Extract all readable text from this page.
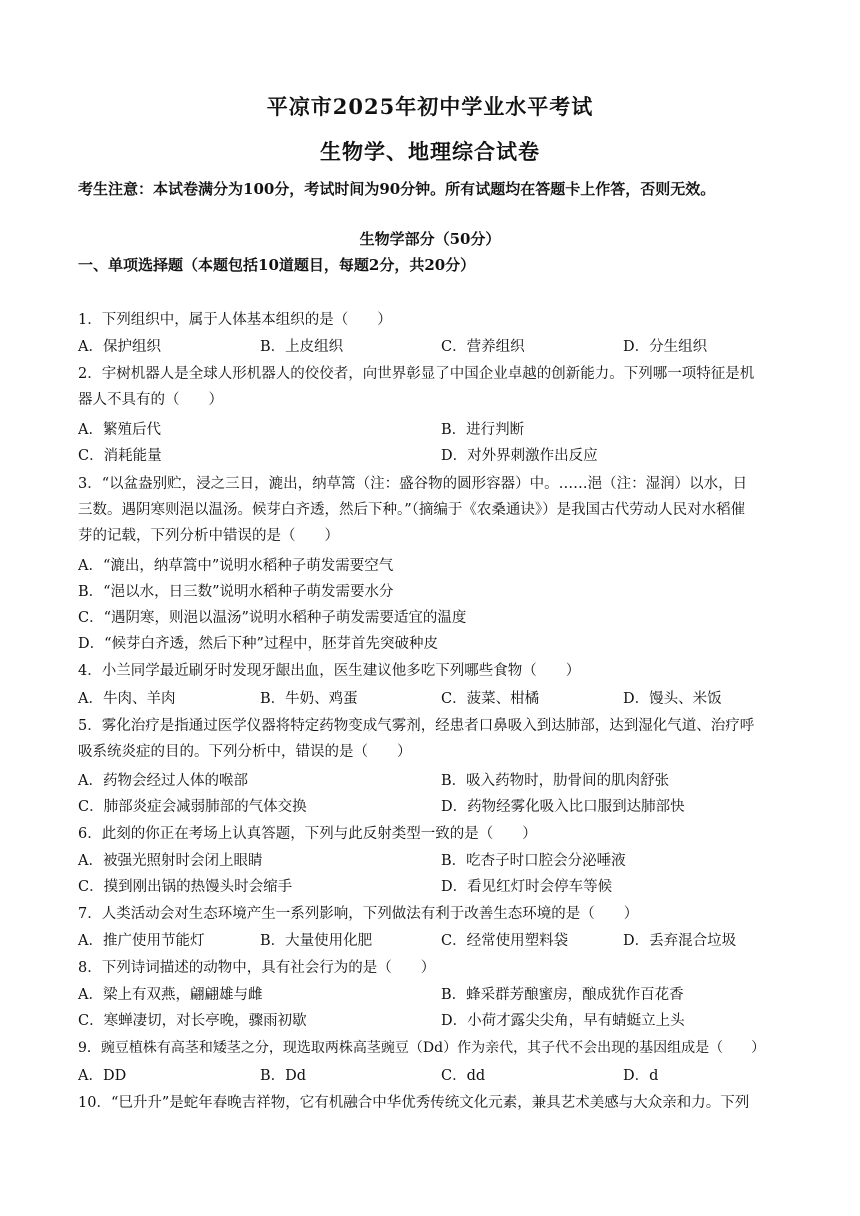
平凉市2025年初中学业水平考试
生物学、地理综合试卷
考生注意：本试卷满分为100分，考试时间为90分钟。所有试题均在答题卡上作答，否则无效。
生物学部分（50分）
一、单项选择题（本题包括10道题目，每题2分，共20分）
1．下列组织中，属于人体基本组织的是（　　）
A．保护组织	B．上皮组织	C．营养组织	D．分生组织
2．宇树机器人是全球人形机器人的佼佼者，向世界彰显了中国企业卓越的创新能力。下列哪一项特征是机
器人不具有的（　　）
A．繁殖后代	B．进行判断
C．消耗能量	D．对外界刺激作出反应
3．“以盆盎别贮，浸之三日，漉出，纳草篙（注：盛谷物的圆形容器）中。……浥（注：湿润）以水，日
三数。遇阴寒则浥以温汤。候芽白齐透，然后下种。”（摘编于《农桑通诀》）是我国古代劳动人民对水稻催
芽的记载，下列分析中错误的是（　　）
A．“漉出，纳草篙中”说明水稻种子萌发需要空气
B．“浥以水，日三数”说明水稻种子萌发需要水分
C．“遇阴寒，则浥以温汤”说明水稻种子萌发需要适宜的温度
D．“候芽白齐透，然后下种”过程中，胚芽首先突破种皮
4．小兰同学最近刷牙时发现牙龈出血，医生建议他多吃下列哪些食物（　　）
A．牛肉、羊肉	B．牛奶、鸡蛋	C．菠菜、柑橘	D．馒头、米饭
5．雾化治疗是指通过医学仪器将特定药物变成气雾剂，经患者口鼻吸入到达肺部，达到湿化气道、治疗呼
吸系统炎症的目的。下列分析中，错误的是（　　）
A．药物会经过人体的喉部	B．吸入药物时，肋骨间的肌肉舒张
C．肺部炎症会减弱肺部的气体交换	D．药物经雾化吸入比口服到达肺部快
6．此刻的你正在考场上认真答题，下列与此反射类型一致的是（　　）
A．被强光照射时会闭上眼睛	B．吃杏子时口腔会分泌唾液
C．摸到刚出锅的热馒头时会缩手	D．看见红灯时会停车等候
7．人类活动会对生态环境产生一系列影响，下列做法有利于改善生态环境的是（　　）
A．推广使用节能灯	B．大量使用化肥	C．经常使用塑料袋	D．丢弃混合垃圾
8．下列诗词描述的动物中，具有社会行为的是（　　）
A．梁上有双燕，翩翩雄与雌	B．蜂采群芳酿蜜房，酿成犹作百花香
C．寒蝉凄切，对长亭晚，骤雨初歇	D．小荷才露尖尖角，早有蜻蜓立上头
9．豌豆植株有高茎和矮茎之分，现选取两株高茎豌豆（Dd）作为亲代，其子代不会出现的基因组成是（　　）
A．DD	B．Dd	C．dd	D．d
10．“巳升升”是蛇年春晚吉祥物，它有机融合中华优秀传统文化元素，兼具艺术美感与大众亲和力。下列
